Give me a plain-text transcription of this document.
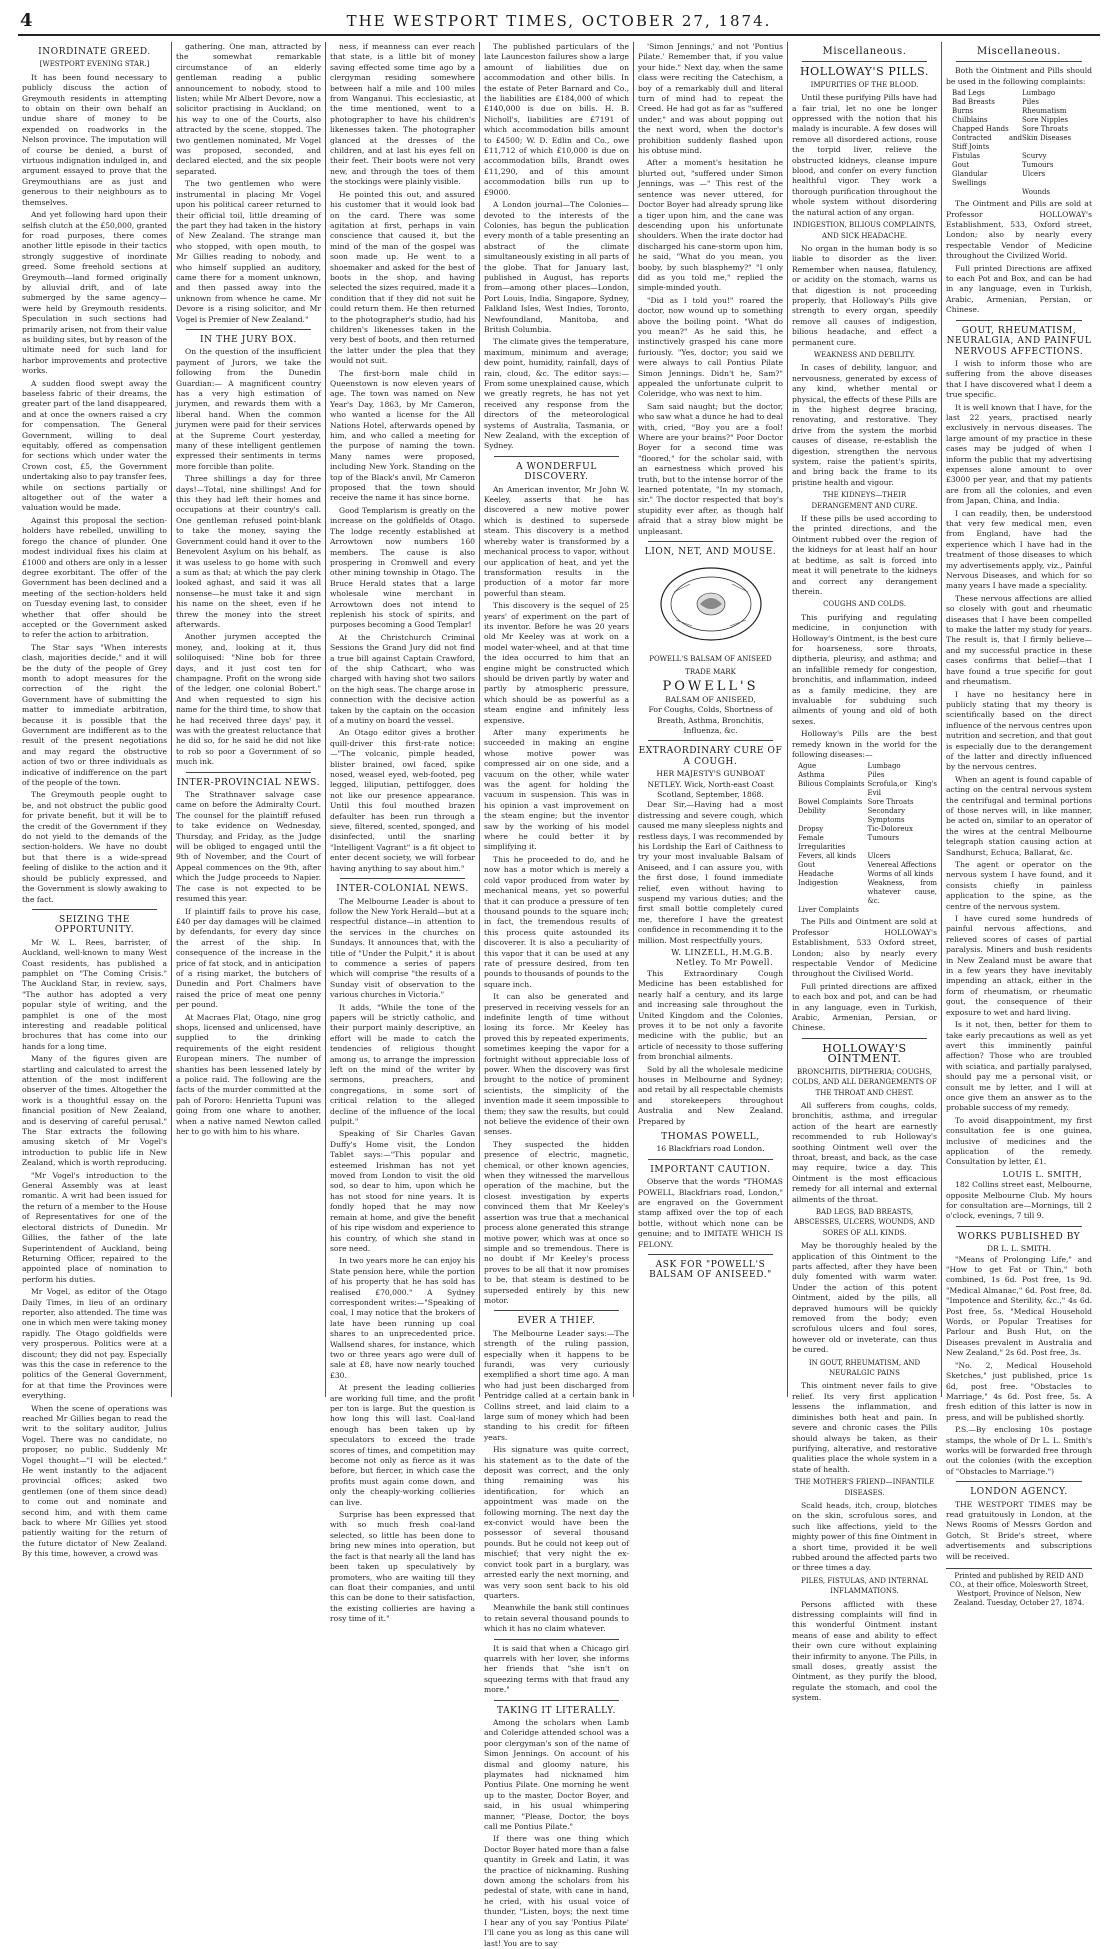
4	THE WESTPORT TIMES, OCTOBER 27, 1874.
INORDINATE GREED.
[WESTPORT EVENING STAR.]

It has been found necessary to publicly discuss the action of Greymouth residents in attempting to obtain on their own behalf an undue share of money to be expended on roadworks in the Nelson province. The imputation will of course be denied, a burst of virtuous indignation indulged in, and argument essayed to prove that the Greymouthians are as just and generous to their neighbours as to themselves.

And yet following hard upon their selfish clutch at the £50,000, granted for road purposes, there comes another little episode in their tactics strongly suggestive of inordinate greed. Some freehold sections at Greymouth—land formed originally by alluvial drift, and of late submerged by the same agency—were held by Greymouth residents. Speculation in such sections had primarily arisen, not from their value as building sites, but by reason of the ultimate need for such land for harbor improvements and protective works.

A sudden flood swept away the baseless fabric of their dreams, the greater part of the land disappeared, and at once the owners raised a cry for compensation. The General Government, willing to deal equitably, offered as compensation for sections which under water the Crown cost, £5, the Government undertaking also to pay transfer fees, while on sections partially or altogether out of the water a valuation would be made.

Against this proposal the section-holders have rebelled, unwilling to forego the chance of plunder. One modest individual fixes his claim at £1000 and others are only in a lesser degree exorbitant. The offer of the Government has been declined and a meeting of the section-holders held on Tuesday evening last, to consider whether that offer should be accepted or the Government asked to refer the action to arbitration.

The Star says "When interests clash, majorities decide," and it will be the duty of the people of Grey month to adopt measures for the correction of the right the Government have of submitting the matter to immediate arbitration, because it is possible that the Government are indifferent as to the result of the present negotiations and may regard the obstructive action of two or three individuals as indicative of indifference on the part of the people of the town.

The Greymouth people ought to be, and not obstruct the public good for private benefit, but it will be to the credit of the Government if they do not yield to the demands of the section-holders. We have no doubt but that there is a wide-spread feeling of dislike to the action and it should be publicly expressed, and the Government is slowly awaking to the fact.

SEIZING THE OPPORTUNITY.

Mr W. L. Rees, barrister, of Auckland, well-known to many West Coast residents, has published a pamphlet on "The Coming Crisis." The Auckland Star, in review, says, "The author has adopted a very popular style of writing, and the pamphlet is one of the most interesting and readable political brochures that has come into our hands for a long time.

Many of the figures given are startling and calculated to arrest the attention of the most indifferent observer of the times. Altogether the work is a thoughtful essay on the financial position of New Zealand, and is deserving of careful perusal." The Star extracts the following amusing sketch of Mr Vogel's introduction to public life in New Zealand, which is worth reproducing.

"Mr Vogel's introduction to the General Assembly was at least romantic. A writ had been issued for the return of a member to the House of Representatives for one of the electoral districts of Dunedin. Mr Gillies, the father of the late Superintendent of Auckland, being Returning Officer, repaired to the appointed place of nomination to perform his duties.

Mr Vogel, as editor of the Otago Daily Times, in lieu of an ordinary reporter, also attended. The time was one in which men were taking money rapidly. The Otago goldfields were very prosperous. Politics were at a discount; they did not pay. Especially was this the case in reference to the politics of the General Government, for at that time the Provinces were everything.

When the scene of operations was reached Mr Gillies began to read the writ to the solitary auditor, Julius Vogel. There was no candidate, no proposer, no public. Suddenly Mr Vogel thought—"I will be elected." He went instantly to the adjacent provincial offices; asked two gentlemen (one of them since dead) to come out and nominate and second him, and with them came back to where Mr Gillies yet stood patiently waiting for the return of the future dictator of New Zealand. By this time, however, a crowd was

gathering. One man, attracted by the somewhat remarkable circumstance of an elderly gentleman reading a public announcement to nobody, stood to listen; while Mr Albert Devore, now a solicitor practising in Auckland, on his way to one of the Courts, also attracted by the scene, stopped. The two gentlemen nominated, Mr Vogel was proposed, seconded, and declared elected, and the six people separated.

The two gentlemen who were instrumental in placing Mr Vogel upon his political career returned to their official toil, little dreaming of the part they had taken in the history of New Zealand. The strange man who stopped, with open mouth, to Mr Gillies reading to nobody, and who himself supplied an auditory, came there for a moment unknown, and then passed away into the unknown from whence he came. Mr Devore is a rising solicitor, and Mr Vogel is Premier of New Zealand."

IN THE JURY BOX.

On the question of the insufficient payment of Jurors, we take the following from the Dunedin Guardian:— A magnificent country has a very high estimation of jurymen, and rewards them with a liberal hand. When the common jurymen were paid for their services at the Supreme Court yesterday, many of these intelligent gentlemen expressed their sentiments in terms more forcible than polite.

Three shillings a day for three days!—Total, nine shillings! And for this they had left their homes and occupations at their country's call. One gentleman refused point-blank to take the money, saying the Government could hand it over to the Benevolent Asylum on his behalf, as it was useless to go home with such a sum as that; at which the pay clerk looked aghast, and said it was all nonsense—he must take it and sign his name on the sheet, even if he threw the money into the street afterwards.

Another jurymen accepted the money, and, looking at it, thus soliloquised: "Nine bob for three days, and it just cost ten for champagne. Profit on the wrong side of the ledger, one colonial Bobert." And when requested to sign his name for the third time, to show that he had received three days' pay, it was with the greatest reluctance that he did so, for he said he did not like to rob so poor a Government of so much ink.

INTER-PROVINCIAL NEWS.

The Strathnaver salvage case came on before the Admiralty Court. The counsel for the plaintiff refused to take evidence on Wednesday, Thursday, and Friday, as the Judge will be obliged to engaged until the 9th of November, and the Court of Appeal commences on the 9th, after which the Judge proceeds to Napier. The case is not expected to be resumed this year.

If plaintiff fails to prove his case, £40 per day damages will be claimed by defendants, for every day since the arrest of the ship. In consequence of the increase in the price of fat stock, and in anticipation of a rising market, the butchers of Dunedin and Port Chalmers have raised the price of meat one penny per pound.

At Macraes Flat, Otago, nine grog shops, licensed and unlicensed, have supplied to the drinking requirements of the eight resident European miners. The number of shanties has been lessened lately by a police raid. The following are the facts of the murder committed at the pah of Pororo: Henrietta Tupuni was going from one whare to another, when a native named Newton called her to go with him to his whare.

ness, if meanness can ever reach that state, is a little bit of money saving effected some time ago by a clergyman residing somewhere between half a mile and 100 miles from Wanganui. This ecclesiastic, at the time mentioned, went to a photographer to have his children's likenesses taken. The photographer glanced at the dresses of the children, and at last his eyes fell on their feet. Their boots were not very new, and through the toes of them the stockings were plainly visible.

He pointed this out, and assured his customer that it would look bad on the card. There was some agitation at first, perhaps in vain conscience that caused it, but the mind of the man of the gospel was soon made up. He went to a shoemaker and asked for the best of boots in the shop, and having selected the sizes required, made it a condition that if they did not suit he could return them. He then returned to the photographer's studio, had his children's likenesses taken in the very best of boots, and then returned the latter under the plea that they would not suit.

The first-born male child in Queenstown is now eleven years of age. The town was named on New Year's Day, 1863, by Mr Cameron, who wanted a license for the All Nations Hotel, afterwards opened by him, and who called a meeting for the purpose of naming the town. Many names were proposed, including New York. Standing on the top of the Black's anvil, Mr Cameron proposed that the town should receive the name it has since borne.

Good Templarism is greatly on the increase on the goldfields of Otago. The lodge recently established at Arrowtown now numbers 160 members. The cause is also prospering in Cromwell and every other mining township in Otago. The Bruce Herald states that a large wholesale wine merchant in Arrowtown does not intend to replenish his stock of spirits, and purposes becoming a Good Templar!

At the Christchurch Criminal Sessions the Grand Jury did not find a true bill against Captain Crawford, of the ship Cathcart, who was charged with having shot two sailors on the high seas. The charge arose in connection with the decisive action taken by the captain on the occasion of a mutiny on board the vessel.

An Otago editor gives a brother quill-driver this first-rate notice:—"The volcanic, pimple headed, blister brained, owl faced, spike nosed, weasel eyed, web-footed, peg legged, liliputian, pettifogger, does not like our presence appearance. Until this foul mouthed brazen defaulter has been run through a sieve, filtered, scented, sponged, and disinfected, until the snarling "Intelligent Vagrant" is a fit object to enter decent society, we will forbear having anything to say about him."

INTER-COLONIAL NEWS.

The Melbourne Leader is about to follow the New York Herald—but at a respectful distance—in attention to the services in the churches on Sundays. It announces that, with the title of "Under the Pulpit," it is about to commence a series of papers which will comprise "the results of a Sunday visit of observation to the various churches in Victoria."

It adds, "While the tone of the papers will be strictly catholic, and their purport mainly descriptive, an effort will be made to catch the tendencies of religious thought among us, to arrange the impression left on the mind of the writer by sermons, preachers, and congregations, in some sort of critical relation to the alleged decline of the influence of the local pulpit."

Speaking of Sir Charles Gavan Duffy's Home visit, the London Tablet says:—"This popular and esteemed Irishman has not yet moved from London to visit the old sod, so dear to him, upon which he has not stood for nine years. It is fondly hoped that he may now remain at home, and give the benefit of his ripe wisdom and experience to his country, of which she stand in sore need.

In two years more he can enjoy his State pension here, while the portion of his property that he has sold has realised £70,000." A Sydney correspondent writes:—"Speaking of coal, I may notice that the brokers of late have been running up coal shares to an unprecedented price. Wallsend shares, for instance, which two or three years ago were dull of sale at £8, have now nearly touched £30.

At present the leading collieries are working full time, and the profit per ton is large. But the question is how long this will last. Coal-land enough has been taken up by speculators to exceed the trade scores of times, and competition may become not only as fierce as it was before, but fiercer, in which case the profits must again come down, and only the cheaply-working collieries can live.

Surprise has been expressed that with so much fresh coal-land selected, so little has been done to bring new mines into operation, but the fact is that nearly all the land has been taken up speculatively by promoters, who are waiting till they can float their companies, and until this can be done to their satisfaction, the existing collieries are having a rosy time of it."

The published particulars of the late Launceston failures show a large amount of liabilities due on accommodation and other bills. In the estate of Peter Barnard and Co., the liabilities are £184,000 of which £140,000 is due on bills. H. B. Nicholl's, liabilities are £7191 of which accommodation bills amount to £4500; W. D. Edlin and Co., owe £11,712 of which £10,000 is due on accommodation bills, Brandt owes £11,290, and of this amount accommodation bills run up to £9000.

A London journal—The Colonies—devoted to the interests of the Colonies, has begun the publication every month of a table presenting an abstract of the climate simultaneously existing in all parts of the globe. That for January last, published in August, has reports from—among other places—London, Port Louis, India, Singapore, Sydney, Falkland Isles, West Indies, Toronto, Newfoundland, Manitoba, and British Columbia.

The climate gives the temperature, maximum, minimum and average; dew point, humidity, rainfall, days of rain, cloud, &c. The editor says:—From some unexplained cause, which we greatly regrets, he has not yet received any response from the directors of the meteorological systems of Australia, Tasmania, or New Zealand, with the exception of Sydney.

A WONDERFUL DISCOVERY.

An American inventor, Mr John W. Keeley, asserts that he has discovered a new motive power which is destined to supersede steam. This discovery is a method whereby water is transformed by a mechanical process to vapor, without our application of heat, and yet the transformation results in the production of a motor far more powerful than steam.

This discovery is the sequel of 25 years' of experiment on the part of its inventor. Before he was 20 years old Mr Keeley was at work on a model water-wheel, and at that time the idea occurred to him that an engine might be constructed which should be driven partly by water and partly by atmospheric pressure, which should be as powerful as a steam engine and infinitely less expensive.

After many experiments he succeeded in making an engine whose motive power was compressed air on one side, and a vacuum on the other, while water was the agent for holding the vacuum in suspension. This was in his opinion a vast improvement on the steam engine; but the inventor saw by the working of his model where he could better it by simplifying it.

This he proceeded to do, and he now has a motor which is merely a cold vapor produced from water by mechanical means, yet so powerful that it can produce a pressure of ten thousand pounds to the square inch; in fact, the tremendous results of this process quite astounded its discoverer. It is also a peculiarity of this vapor that it can be used at any rate of pressure desired, from ten pounds to thousands of pounds to the square inch.

It can also be generated and preserved in receiving vessels for an indefinite length of time without losing its force. Mr Keeley has proved this by repeated experiments, sometimes keeping the vapor for a fortnight without appreciable loss of power. When the discovery was first brought to the notice of prominent scientists, the simplicity of the invention made it seem impossible to them; they saw the results, but could not believe the evidence of their own senses.

They suspected the hidden presence of electric, magnetic, chemical, or other known agencies, when they witnessed the marvellous operation of the machine, but the closest investigation by experts convinced them that Mr Keeley's assertion was true that a mechanical process alone generated this strange motive power, which was at once so simple and so tremendous. There is no doubt if Mr Keeley's process proves to be all that it now promises to be, that steam is destined to be superseded entirely by this new motor.

EVER A THIEF.

The Melbourne Leader says:—The strength of the ruling passion, especially when it happens to be furandi, was very curiously exemplified a short time ago. A man who had just been discharged from Pentridge called at a certain bank in Collins street, and laid claim to a large sum of money which had been standing to his credit for fifteen years.

His signature was quite correct, his statement as to the date of the deposit was correct, and the only thing remaining was his identification, for which an appointment was made on the following morning. The next day the ex-convict would have been the possessor of several thousand pounds. But he could not keep out of mischief; that very night the ex-convict took part in a burglary, was arrested early the next morning, and was very soon sent back to his old quarters.

Meanwhile the bank still continues to retain several thousand pounds to which it has no claim whatever.

It is said that when a Chicago girl quarrels with her lover, she informs her friends that "she isn't on squeezing terms with that fraud any more."

TAKING IT LITERALLY.

Among the scholars when Lamb and Coleridge attended school was a poor clergyman's son of the name of Simon Jennings. On account of his dismal and gloomy nature, his playmates had nicknamed him Pontius Pilate. One morning he went up to the master, Doctor Boyer, and said, in his usual whimpering manner, "Please, Doctor, the boys call me Pontius Pilate."

If there was one thing which Doctor Boyer hated more than a false quantity in Greek and Latin, it was the practice of nicknaming. Rushing down among the scholars from his pedestal of state, with cane in hand, he cried, with his usual voice of thunder, "Listen, boys; the next time I hear any of you say 'Pontius Pilate' I'll cane you as long as this cane will last! You are to say

'Simon Jennings,' and not 'Pontius Pilate.' Remember that, if you value your hide." Next day, when the same class were reciting the Catechism, a boy of a remarkably dull and literal turn of mind had to repeat the Creed. He had got as far as "suffered under," and was about popping out the next word, when the doctor's prohibition suddenly flashed upon his obtuse mind.

After a moment's hesitation he blurted out, "suffered under Simon Jennings, was —" This rest of the sentence was never uttered, for Doctor Boyer had already sprung like a tiger upon him, and the cane was descending upon his unfortunate shoulders. When the irate doctor had discharged his cane-storm upon him, he said, "What do you mean, you booby, by such blasphemy?" "I only did as you told me," replied the simple-minded youth.

"Did as I told you!" roared the doctor, now wound up to something above the boiling point. "What do you mean?" As he said this, he instinctively grasped his cane more furiously. "Yes, doctor; you said we were always to call Pontius Pilate Simon Jennings. Didn't he, Sam?" appealed the unfortunate culprit to Coleridge, who was next to him.

Sam said naught; but the doctor, who saw what a dunce he had to deal with, cried, "Boy you are a fool! Where are your brains?" Poor Doctor Boyer for a second time was "floored," for the scholar said, with an earnestness which proved his truth, but to the intense horror of the learned potentate, "In my stomach, sir." The doctor respected that boy's stupidity ever after, as though half afraid that a stray blow might be unpleasant.

LION, NET, AND MOUSE.
POWELL'S BALSAM OF ANISEED
TRADE MARK
POWELL'S
BALSAM OF ANISEED,
For Coughs, Colds, Shortness of Breath, Asthma, Bronchitis, Influenza, &c.
EXTRAORDINARY CURE OF A COUGH.
HER MAJESTY'S GUNBOAT NETLEY. Wick, North-east Coast Scotland, September, 1868.

Dear Sir,—Having had a most distressing and severe cough, which caused me many sleepless nights and restless days, I was recommended by his Lordship the Earl of Caithness to try your most invaluable Balsam of Aniseed, and I can assure you, with the first dose, I found immediate relief, even without having to suspend my various duties; and the first small bottle completely cured me, therefore I have the greatest confidence in recommending it to the million. Most respectfully yours,

W. LINZELL, H.M.G.B. Netley. To Mr Powell.

This Extraordinary Cough Medicine has been established for nearly half a century, and its large and increasing sale throughout the United Kingdom and the Colonies, proves it to be not only a favorite medicine with the public, but an article of necessity to those suffering from bronchial ailments.

Sold by all the wholesale medicine houses in Melbourne and Sydney; and retail by all respectable chemists and storekeepers throughout Australia and New Zealand. Prepared by

THOMAS POWELL,
16 Blackfriars road London.
IMPORTANT CAUTION.

Observe that the words "THOMAS POWELL, Blackfriars road, London," are engraved on the Government stamp affixed over the top of each bottle, without which none can be genuine; and to IMITATE WHICH IS FELONY.

ASK FOR "POWELL'S BALSAM OF ANISEED."
Miscellaneous.
HOLLOWAY'S PILLS.
IMPURITIES OF THE BLOOD.

Until these purifying Pills have had a fair trial, let no one be longer oppressed with the notion that his malady is incurable. A few doses will remove all disordered actions, rouse the torpid liver, relieve the obstructed kidneys, cleanse impure blood, and confer on every function healthful vigor. They work a thorough purification throughout the whole system without disordering the natural action of any organ.

INDIGESTION, BILIOUS COMPLAINTS, AND SICK HEADACHE.

No organ in the human body is so liable to disorder as the liver. Remember when nausea, flatulency, or acidity on the stomach, warns us that digestion is not proceeding properly, that Holloway's Pills give strength to every organ, speedily remove all causes of indigestion, bilious headache, and effect a permanent cure.

WEAKNESS AND DEBILITY.

In cases of debility, languor, and nervousness, generated by excess of any kind, whether mental or physical, the effects of these Pills are in the highest degree bracing, renovating, and restorative. They drive from the system the morbid causes of disease, re-establish the digestion, strengthen the nervous system, raise the patient's spirits, and bring back the frame to its pristine health and vigour.

THE KIDNEYS—THEIR DERANGEMENT AND CURE.

If these pills be used according to the printed directions, and the Ointment rubbed over the region of the kidneys for at least half an hour at bedtime, as salt is forced into meat it will penetrate to the kidneys and correct any derangement therein.

COUGHS AND COLDS.

This purifying and regulating medicine, in conjunction with Holloway's Ointment, is the best cure for hoarseness, sore throats, diptheria, pleurisy, and asthma; and an infallible remedy for congestion, bronchitis, and inflammation, indeed as a family medicine, they are invaluable for subduing such ailments of young and old of both sexes.

Holloway's Pills are the best remedy known in the world for the following diseases:—

Ague	Lumbago
Asthma	Piles
Bilious Complaints Scrofula,or King's Evil
Bowel Complaints Sore Throats
Debility	Secondary Symptoms
Dropsy	Tic-Doloreux
Female Irregularities
Tumours
Fevers, all kinds	Ulcers
Gout	Venereal Affections
Headache	Worms of all kinds
Indigestion	Weakness, from whatever cause, &c.
Liver Complaints

The Pills and Ointment are sold at Professor HOLLOWAY's Establishment, 533 Oxford street, London; also by nearly every respectable Vendor of Medicine throughout the Civilised World.

Full printed directions are affixed to each box and pot, and can be had in any language, even in Turkish, Arabic, Armenian, Persian, or Chinese.

HOLLOWAY'S OINTMENT.
BRONCHITIS, DIPTHERIA; COUGHS, COLDS, AND ALL DERANGEMENTS OF THE THROAT AND CHEST.

All sufferers from coughs, colds, bronchitis, asthma, and irregular action of the heart are earnestly recommended to rub Holloway's soothing Ointment well over the throat, breast, and back, as the case may require, twice a day. This Ointment is the most efficacious remedy for all internal and external ailments of the throat.

BAD LEGS, BAD BREASTS, ABSCESSES, ULCERS, WOUNDS, AND SORES OF ALL KINDS.

May be thoroughly healed by the application of this Ointment to the parts affected, after they have been duly fomented with warm water. Under the action of this potent Ointment, aided by the pills, all depraved humours will be quickly removed from the body; even scrofulous ulcers and foul sores, however old or inveterate, can thus be cured.

IN GOUT, RHEUMATISM, AND NEURALGIC PAINS

This ointment never fails to give relief. Its very first application lessens the inflammation, and diminishes both heat and pain. In severe and chronic cases the Pills should always be taken, as their purifying, alterative, and restorative qualities place the whole system in a state of health.

THE MOTHER'S FRIEND—INFANTILE DISEASES.

Scald heads, itch, croup, blotches on the skin, scrofulous sores, and such like affections, yield to the mighty power of this fine Ointment in a short time, provided it be well rubbed around the affected parts two or three times a day.

PILES, FISTULAS, AND INTERNAL INFLAMMATIONS.

Persons afflicted with these distressing complaints will find in this wonderful Ointment instant means of ease and ability to effect their own cure without explaining their infirmity to anyone. The Pills, in small doses, greatly assist the Ointment, as they purify the blood, regulate the stomach, and cool the system.

Miscellaneous.

Both the Ointment and Pills should be used in the following complaints:

Bad Legs	Lumbago
Bad Breasts	Piles
Burns	Rheumatism
Chilblains	Sore Nipples
Chapped Hands	Sore Throats
Contracted and Stiff Joints
Skin Diseases
Fistulas	Scurvy
Gout	Tumours
Glandular Swellings
Ulcers
Wounds

The Ointment and Pills are sold at Professor HOLLOWAY's Establishment, 533, Oxford street, London; also by nearly every respectable Vendor of Medicine throughout the Civilized World.

Full printed Directions are affixed to each Pot and Box, and can be had in any language, even in Turkish, Arabic, Armenian, Persian, or Chinese.

GOUT, RHEUMATISM, NEURALGIA, AND PAINFUL NERVOUS AFFECTIONS.

I wish to inform those who are suffering from the above diseases that I have discovered what I deem a true specific.

It is well known that I have, for the last 22 years, practised nearly exclusively in nervous diseases. The large amount of my practice in these cases may be judged of when I inform the public that my advertising expenses alone amount to over £3000 per year, and that my patients are from all the colonies, and even from Japan, China, and India.

I can readily, then, be understood that very few medical men, even from England, have had the experience which I have had in the treatment of those diseases to which my advertisements apply, viz., Painful Nervous Diseases, and which for so many years I have made a speciality.

These nervous affections are allied so closely with gout and rheumatic diseases that I have been compelled to make the latter my study for years. The result is, that I firmly believe—and my successful practice in these cases confirms that belief—that I have found a true specific for gout and rheumatism.

I have no hesitancy here in publicly stating that my theory is scientifically based on the direct influence of the nervous centres upon nutrition and secretion, and that gout is especially due to the derangement of the latter and directly influenced by the nervous centres.

When an agent is found capable of acting on the central nervous system the centrifugal and terminal portions of those nerves will, in like manner, be acted on, similar to an operator of the wires at the central Melbourne telegraph station causing action at Sandhurst, Echuca, Ballarat, &c.

The agent or operator on the nervous system I have found, and it consists chiefly in painless application to the spine, as the centre of the nervous system.

I have cured some hundreds of painful nervous affections, and relieved scores of cases of partial paralysis. Miners and bush residents in New Zealand must be aware that in a few years they have inevitably impending an attack, either in the form of rheumatism, or rheumatic gout, the consequence of their exposure to wet and hard living.

Is it not, then, better for them to take early precautions as well as yet avert this imminently painful affection? Those who are troubled with sciatica, and partially paralysed, should pay me a personal visit, or consult me by letter, and I will at once give them an answer as to the probable success of my remedy.

To avoid disappointment, my first consultation fee is one guinea, inclusive of medicines and the application of the remedy. Consultation by letter, £1.

LOUIS L. SMITH,

182 Collins street east, Melbourne, opposite Melbourne Club. My hours for consultation are—Mornings, till 2 o'clock, evenings, 7 till 9.

WORKS PUBLISHED BY
DR L. L. SMITH.

"Means of Prolonging Life," and "How to get Fat or Thin," both combined, 1s 6d. Post free, 1s 9d. "Medical Almanac," 6d. Post free, 8d. "Impotence and Sterility, &c.," 4s 6d. Post free, 5s. "Medical Household Words, or Popular Treatises for Parlour and Bush Hut, on the Diseases prevalent in Australia and New Zealand," 2s 6d. Post free, 3s.

"No. 2, Medical Household Sketches," just published, price 1s 6d, post free. "Obstacles to Marriage," 4s 6d. Post free, 5s. A fresh edition of this latter is now in press, and will be published shortly.

P.S.—By enclosing 10s postage stamps, the whole of Dr L. L. Smith's works will be forwarded free through out the colonies (with the exception of "Obstacles to Marriage.")

LONDON AGENCY.

THE WESTPORT TIMES may be read gratuitously in London, at the News Rooms of Messrs Gordon and Gotch, St Bride's street, where advertisements and subscriptions will be received.

Printed and published by REID AND CO., at their office, Molesworth Street, Westport, Province of Nelson, New Zealand. Tuesday, October 27, 1874.
